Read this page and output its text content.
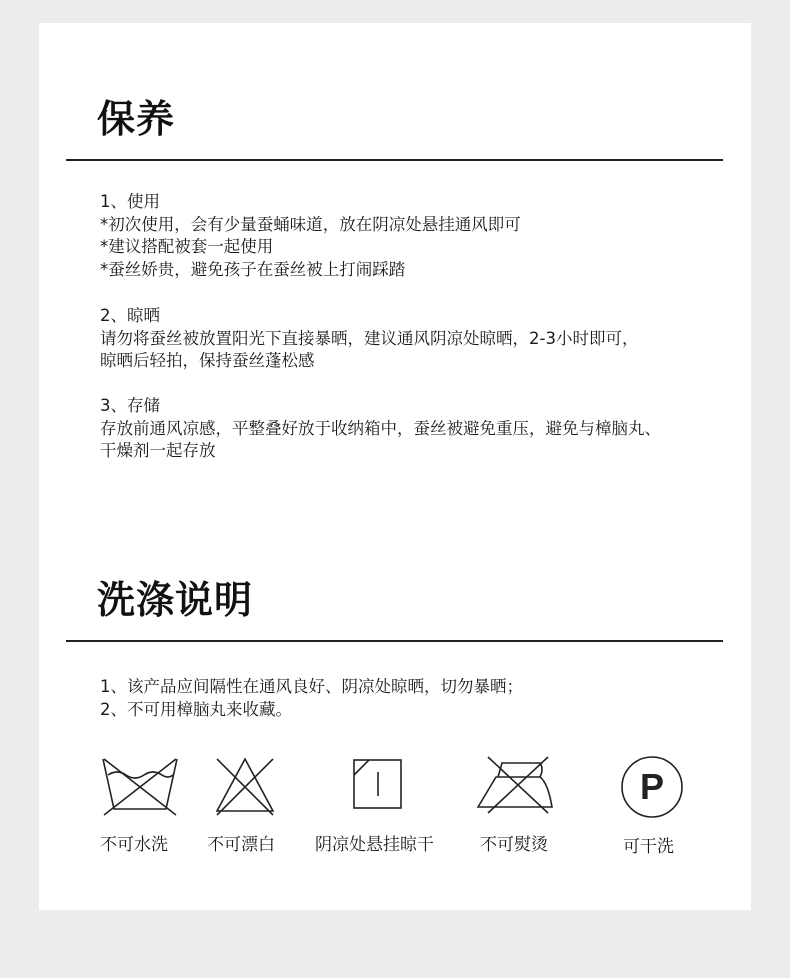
保养
1、使用
*初次使用，会有少量蚕蛹味道，放在阴凉处悬挂通风即可
*建议搭配被套一起使用
*蚕丝娇贵，避免孩子在蚕丝被上打闹踩踏
2、晾晒
请勿将蚕丝被放置阳光下直接暴晒，建议通风阴凉处晾晒，2-3小时即可，
晾晒后轻拍，保持蚕丝蓬松感
3、存储
存放前通风凉感，平整叠好放于收纳箱中，蚕丝被避免重压，避免与樟脑丸、
干燥剂一起存放
洗涤说明
1、该产品应间隔性在通风良好、阴凉处晾晒，切勿暴晒；
2、不可用樟脑丸来收藏。
不可水洗 不可漂白 阴凉处悬挂晾干	不可熨烫
P
可干洗
